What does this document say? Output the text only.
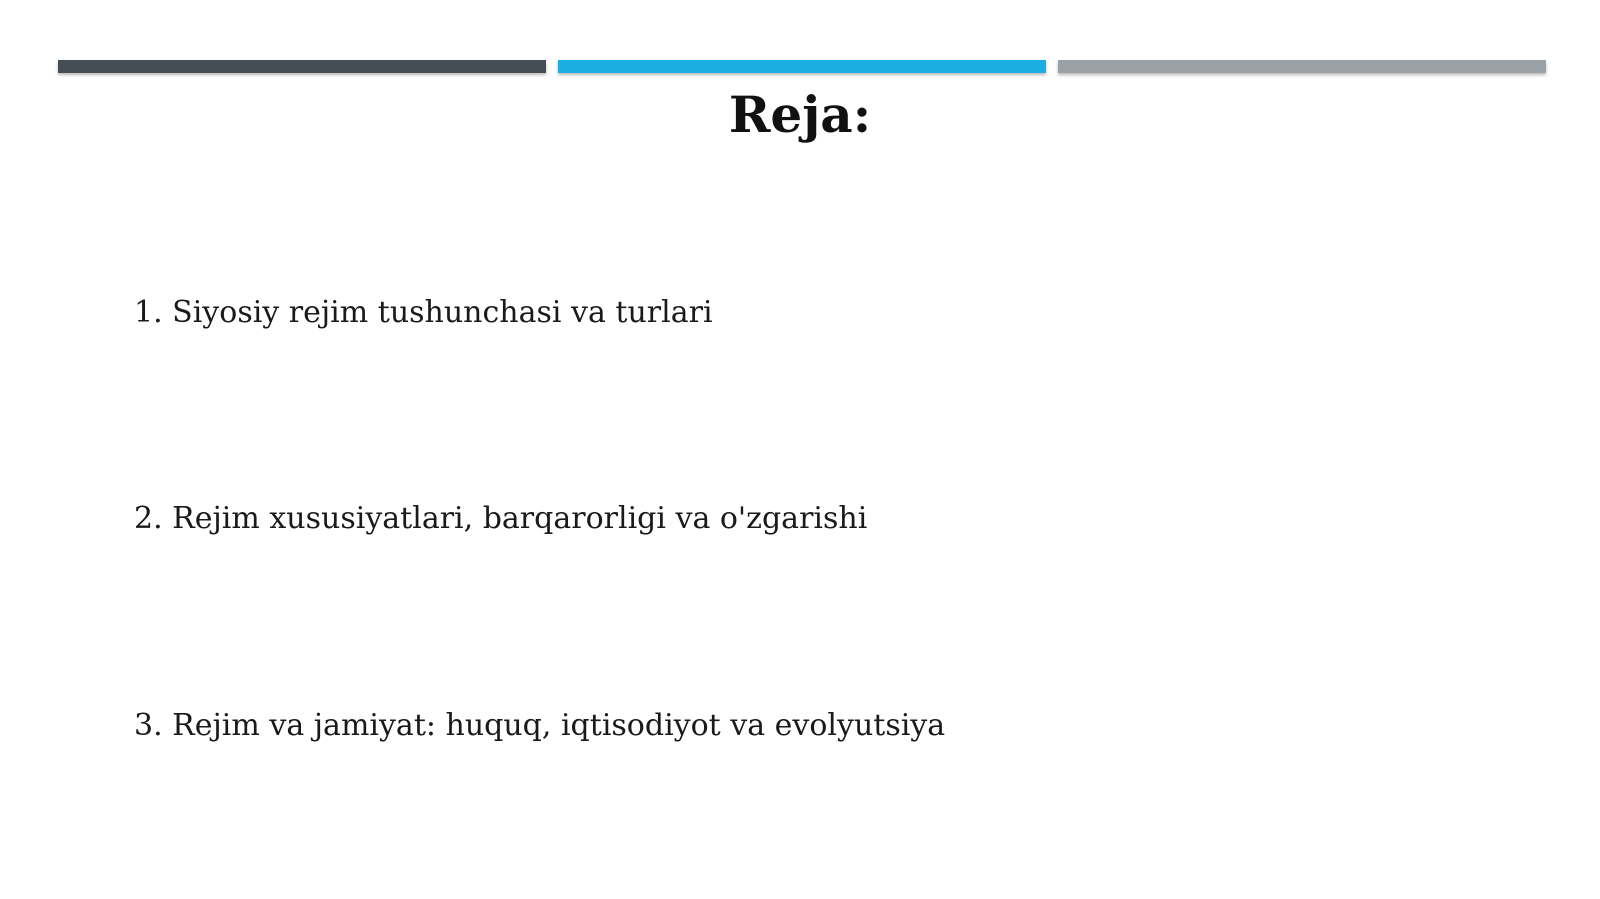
Reja:

1. Siyosiy rejim tushunchasi va turlari

2. Rejim xususiyatlari, barqarorligi va o'zgarishi

3. Rejim va jamiyat: huquq, iqtisodiyot va evolyutsiya
